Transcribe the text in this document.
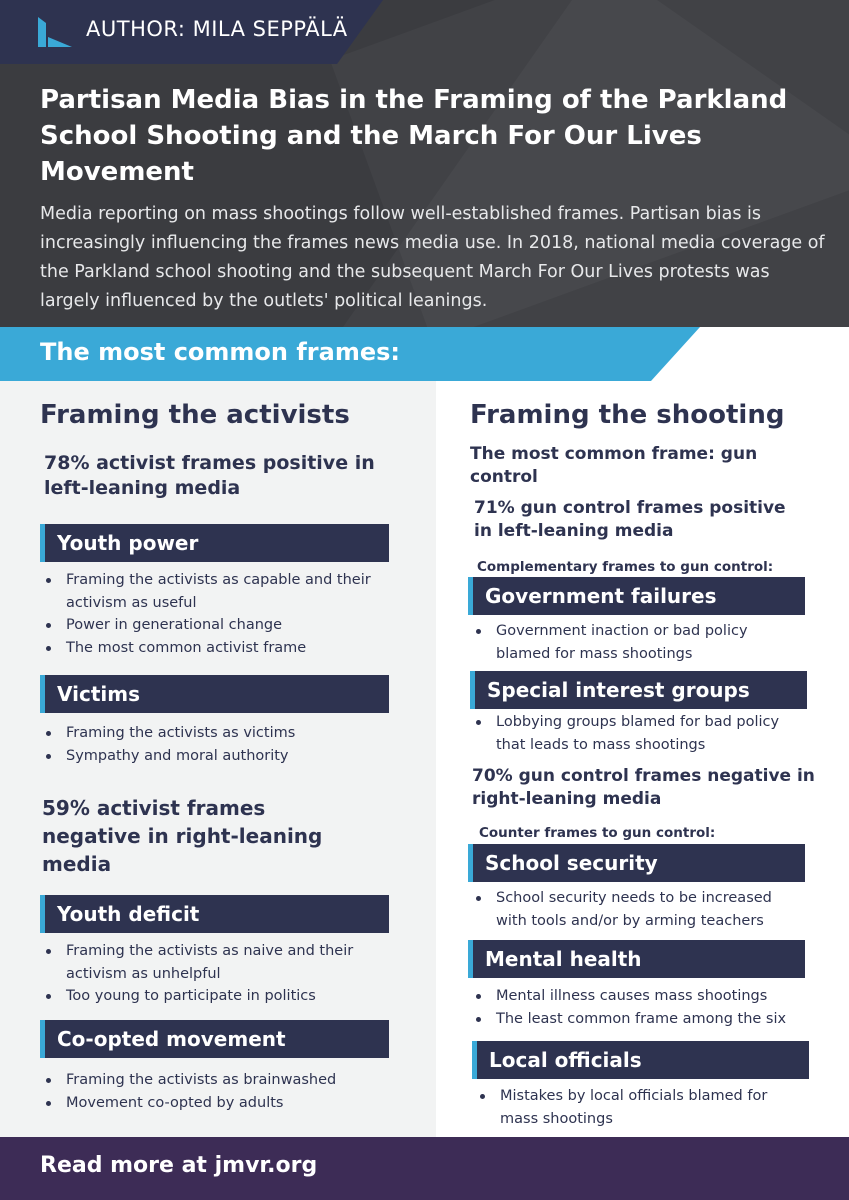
AUTHOR: MILA SEPPÄLÄ
Partisan Media Bias in the Framing of the Parkland School Shooting and the March For Our Lives Movement
Media reporting on mass shootings follow well-established frames. Partisan bias is increasingly influencing the frames news media use. In 2018, national media coverage of the Parkland school shooting and the subsequent March For Our Lives protests was largely influenced by the outlets' political leanings.
The most common frames:
Framing the activists
78% activist frames positive in left-leaning media
Youth power
Framing the activists as capable and their activism as useful
Power in generational change
The most common activist frame
Victims
Framing the activists as victims
Sympathy and moral authority
59% activist frames negative in right-leaning media
Youth deficit
Framing the activists as naive and their activism as unhelpful
Too young to participate in politics
Co-opted movement
Framing the activists as brainwashed
Movement co-opted by adults
Framing the shooting
The most common frame: gun control
71% gun control frames positive in left-leaning media
Complementary frames to gun control:
Government failures
Government inaction or bad policy blamed for mass shootings
Special interest groups
Lobbying groups blamed for bad policy that leads to mass shootings
70% gun control frames negative in right-leaning media
Counter frames to gun control:
School security
School security needs to be increased with tools and/or by arming teachers
Mental health
Mental illness causes mass shootings
The least common frame among the six
Local officials
Mistakes by local officials blamed for mass shootings
Read more at jmvr.org
